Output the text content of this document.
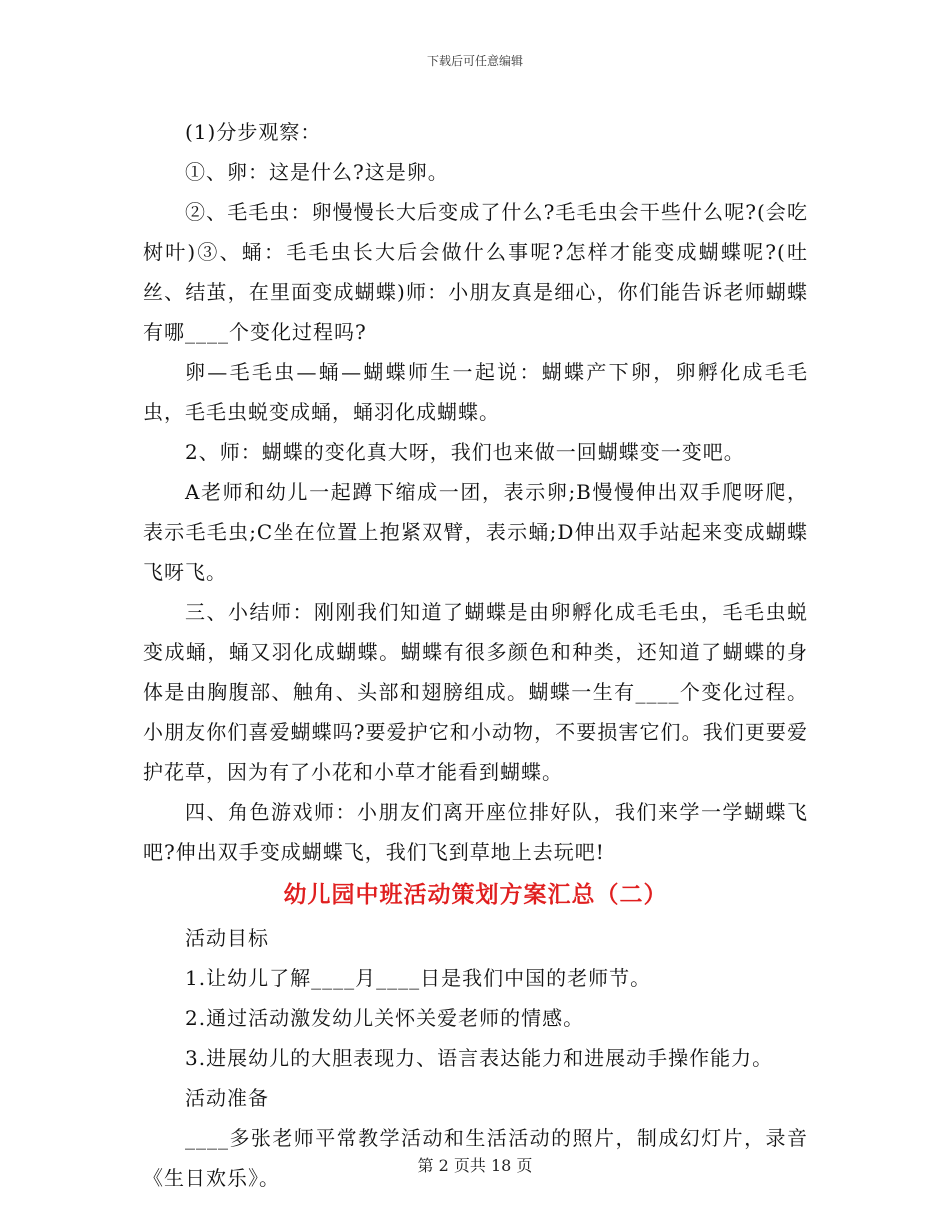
下载后可任意编辑

(1)分步观察：

①、卵：这是什么?这是卵。

②、毛毛虫：卵慢慢长大后变成了什么?毛毛虫会干些什么呢?(会吃树叶)③、蛹：毛毛虫长大后会做什么事呢?怎样才能变成蝴蝶呢?(吐丝、结茧，在里面变成蝴蝶)师：小朋友真是细心，你们能告诉老师蝴蝶有哪____个变化过程吗?

卵—毛毛虫—蛹—蝴蝶师生一起说：蝴蝶产下卵，卵孵化成毛毛虫，毛毛虫蜕变成蛹，蛹羽化成蝴蝶。

2、师：蝴蝶的变化真大呀，我们也来做一回蝴蝶变一变吧。

A老师和幼儿一起蹲下缩成一团，表示卵;B慢慢伸出双手爬呀爬，表示毛毛虫;C坐在位置上抱紧双臂，表示蛹;D伸出双手站起来变成蝴蝶飞呀飞。

三、小结师：刚刚我们知道了蝴蝶是由卵孵化成毛毛虫，毛毛虫蜕变成蛹，蛹又羽化成蝴蝶。蝴蝶有很多颜色和种类，还知道了蝴蝶的身体是由胸腹部、触角、头部和翅膀组成。蝴蝶一生有____个变化过程。小朋友你们喜爱蝴蝶吗?要爱护它和小动物，不要损害它们。我们更要爱护花草，因为有了小花和小草才能看到蝴蝶。

四、角色游戏师：小朋友们离开座位排好队，我们来学一学蝴蝶飞吧?伸出双手变成蝴蝶飞，我们飞到草地上去玩吧!

幼儿园中班活动策划方案汇总（二）

活动目标

1.让幼儿了解____月____日是我们中国的老师节。

2.通过活动激发幼儿关怀关爱老师的情感。

3.进展幼儿的大胆表现力、语言表达能力和进展动手操作能力。

活动准备

____多张老师平常教学活动和生活活动的照片，制成幻灯片，录音《生日欢乐》。

第 2 页共 18 页
